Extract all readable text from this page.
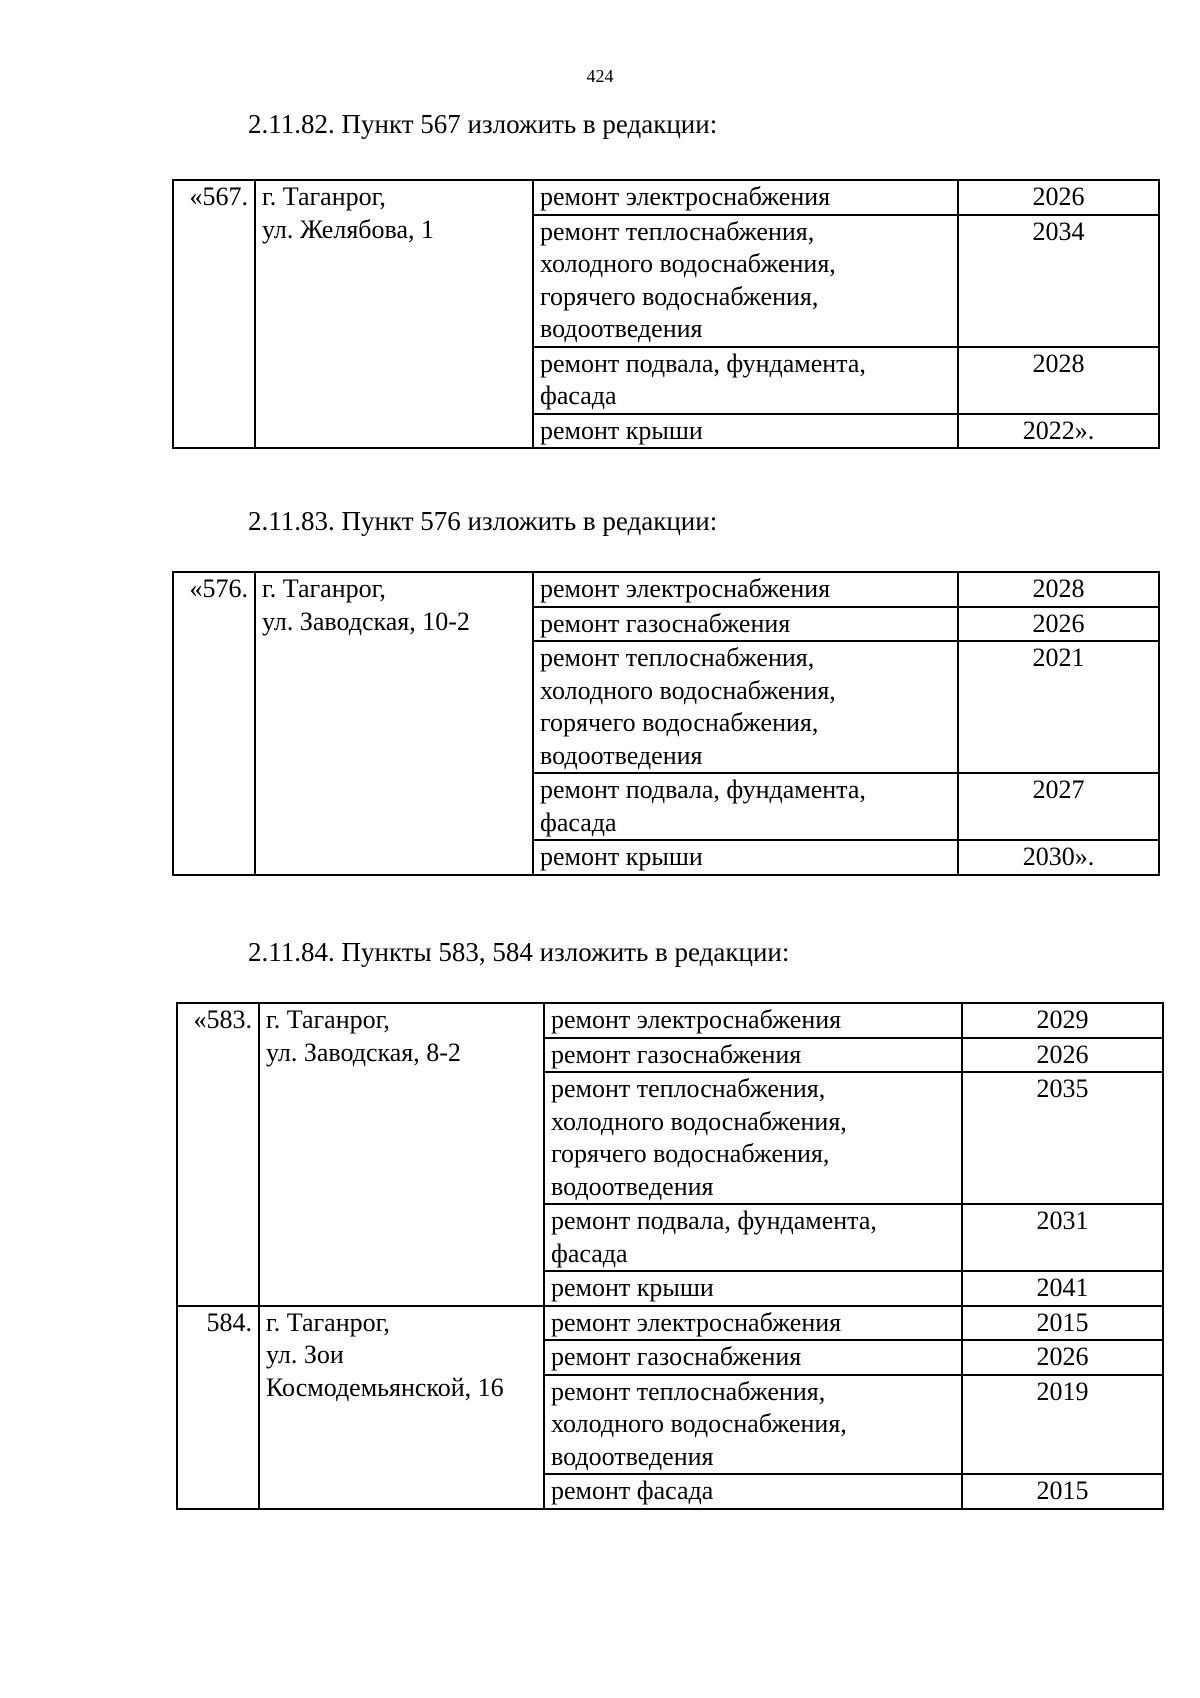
424
2.11.82. Пункт 567 изложить в редакции:
«567.	г. Таганрог,
ул. Желябова, 1	ремонт электроснабжения	2026
		ремонт теплоснабжения,
холодного водоснабжения,
горячего водоснабжения,
водоотведения	2034
		ремонт подвала, фундамента,
фасада	2028
		ремонт крыши	2022».
2.11.83. Пункт 576 изложить в редакции:
«576.	г. Таганрог,
ул. Заводская, 10-2	ремонт электроснабжения	2028
		ремонт газоснабжения	2026
		ремонт теплоснабжения,
холодного водоснабжения,
горячего водоснабжения,
водоотведения	2021
		ремонт подвала, фундамента,
фасада	2027
		ремонт крыши	2030».
2.11.84. Пункты 583, 584 изложить в редакции:
«583.	г. Таганрог,
ул. Заводская, 8-2	ремонт электроснабжения	2029
		ремонт газоснабжения	2026
		ремонт теплоснабжения,
холодного водоснабжения,
горячего водоснабжения,
водоотведения	2035
		ремонт подвала, фундамента,
фасада	2031
		ремонт крыши	2041
584.	г. Таганрог,
ул. Зои
Космодемьянской, 16	ремонт электроснабжения	2015
		ремонт газоснабжения	2026
		ремонт теплоснабжения,
холодного водоснабжения,
водоотведения	2019
		ремонт фасада	2015
